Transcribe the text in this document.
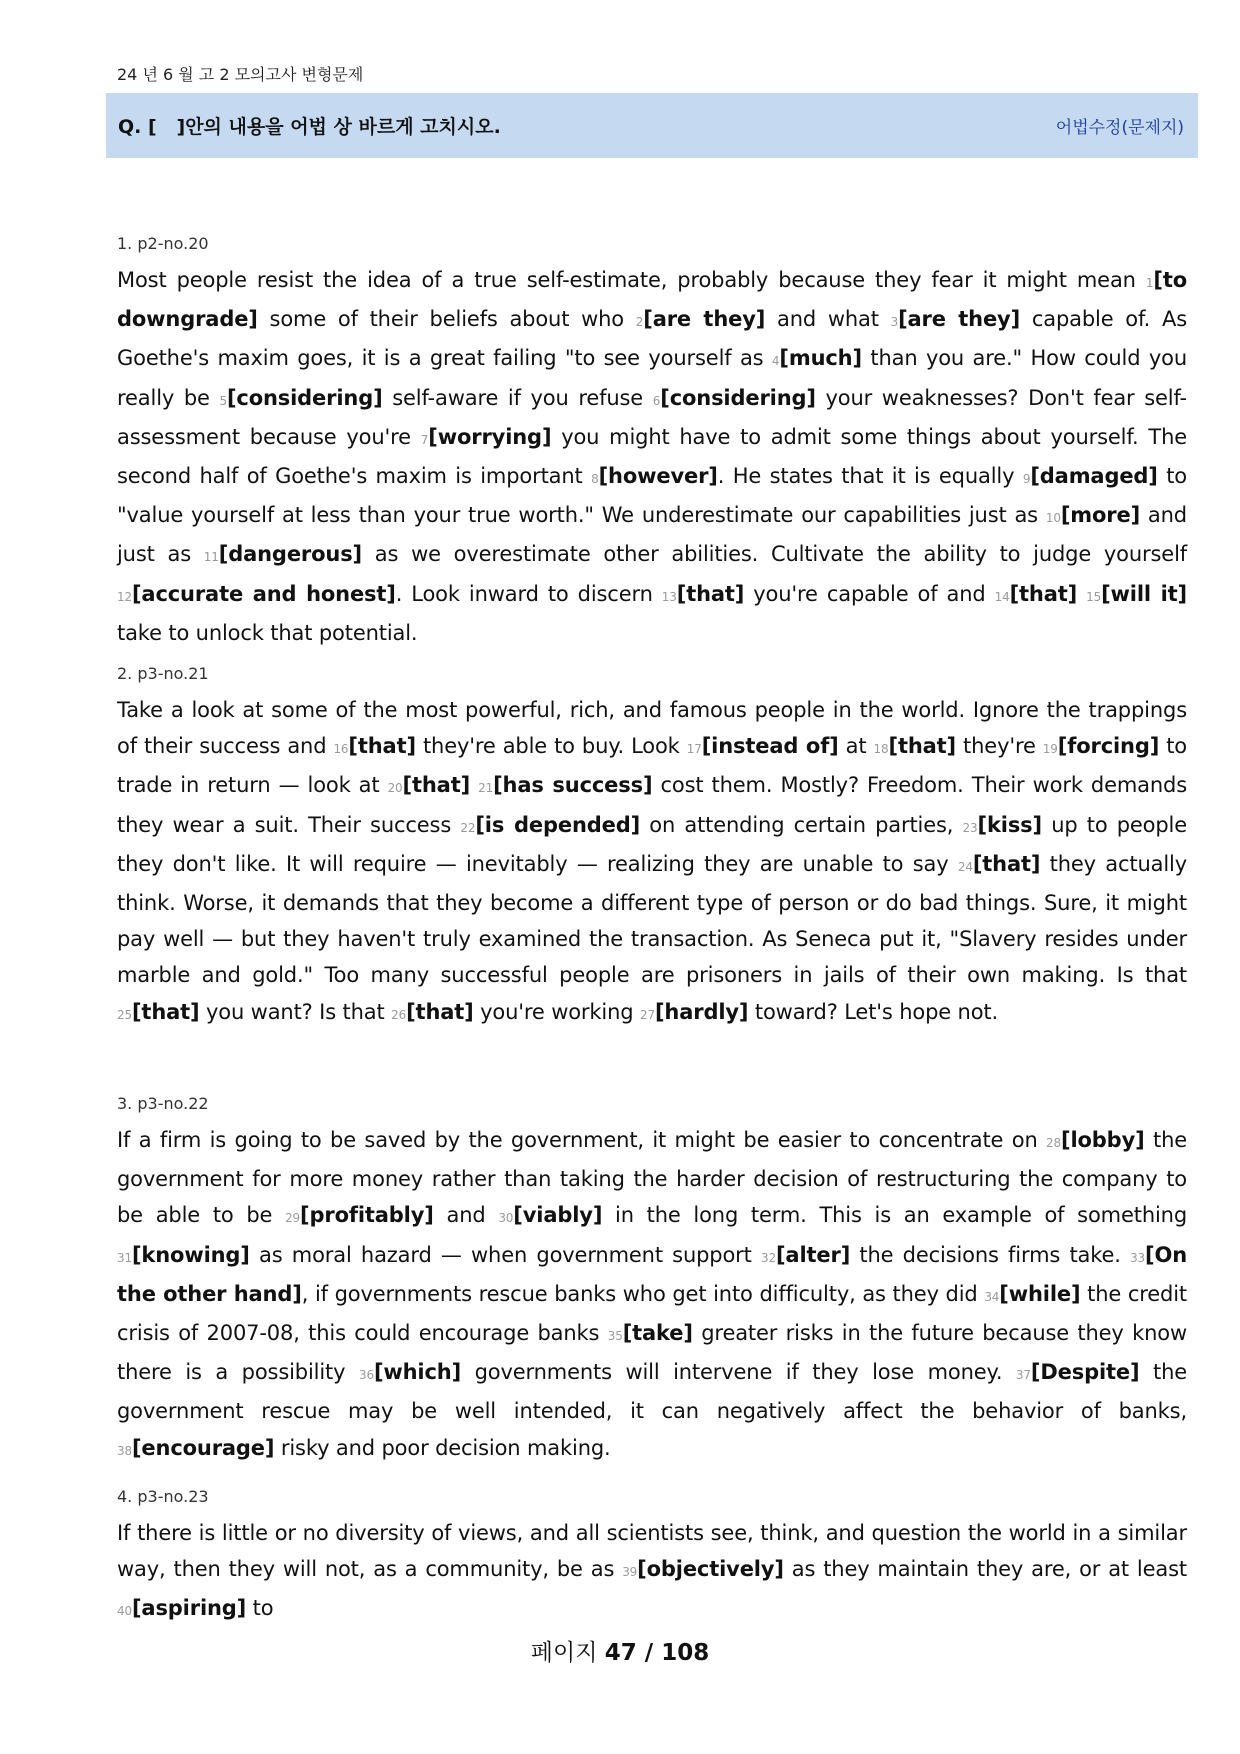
24 년 6 월 고 2 모의고사 변형문제
Q. [   ]안의 내용을 어법 상 바르게 고치시오.	어법수정(문제지)
1. p2-no.20

Most people resist the idea of a true self-estimate, probably because they fear it might mean 1[to downgrade] some of their beliefs about who 2[are they] and what 3[are they] capable of. As Goethe's maxim goes, it is a great failing "to see yourself as 4[much] than you are." How could you really be 5[considering] self-aware if you refuse 6[considering] your weaknesses? Don't fear self-assessment because you're 7[worrying] you might have to admit some things about yourself. The second half of Goethe's maxim is important 8[however]. He states that it is equally 9[damaged] to "value yourself at less than your true worth." We underestimate our capabilities just as 10[more] and just as 11[dangerous] as we overestimate other abilities. Cultivate the ability to judge yourself 12[accurate and honest]. Look inward to discern 13[that] you're capable of and 14[that] 15[will it] take to unlock that potential.

2. p3-no.21

Take a look at some of the most powerful, rich, and famous people in the world. Ignore the trappings of their success and 16[that] they're able to buy. Look 17[instead of] at 18[that] they're 19[forcing] to trade in return — look at 20[that] 21[has success] cost them. Mostly? Freedom. Their work demands they wear a suit. Their success 22[is depended] on attending certain parties, 23[kiss] up to people they don't like. It will require — inevitably — realizing they are unable to say 24[that] they actually think. Worse, it demands that they become a different type of person or do bad things. Sure, it might pay well — but they haven't truly examined the transaction. As Seneca put it, "Slavery resides under marble and gold." Too many successful people are prisoners in jails of their own making. Is that 25[that] you want? Is that 26[that] you're working 27[hardly] toward? Let's hope not.

3. p3-no.22

If a firm is going to be saved by the government, it might be easier to concentrate on 28[lobby] the government for more money rather than taking the harder decision of restructuring the company to be able to be 29[profitably] and 30[viably] in the long term. This is an example of something 31[knowing] as moral hazard — when government support 32[alter] the decisions firms take. 33[On the other hand], if governments rescue banks who get into difficulty, as they did 34[while] the credit crisis of 2007-08, this could encourage banks 35[take] greater risks in the future because they know there is a possibility 36[which] governments will intervene if they lose money. 37[Despite] the government rescue may be well intended, it can negatively affect the behavior of banks, 38[encourage] risky and poor decision making.

4. p3-no.23

If there is little or no diversity of views, and all scientists see, think, and question the world in a similar way, then they will not, as a community, be as 39[objectively] as they maintain they are, or at least 40[aspiring] to

페이지 47 / 108
